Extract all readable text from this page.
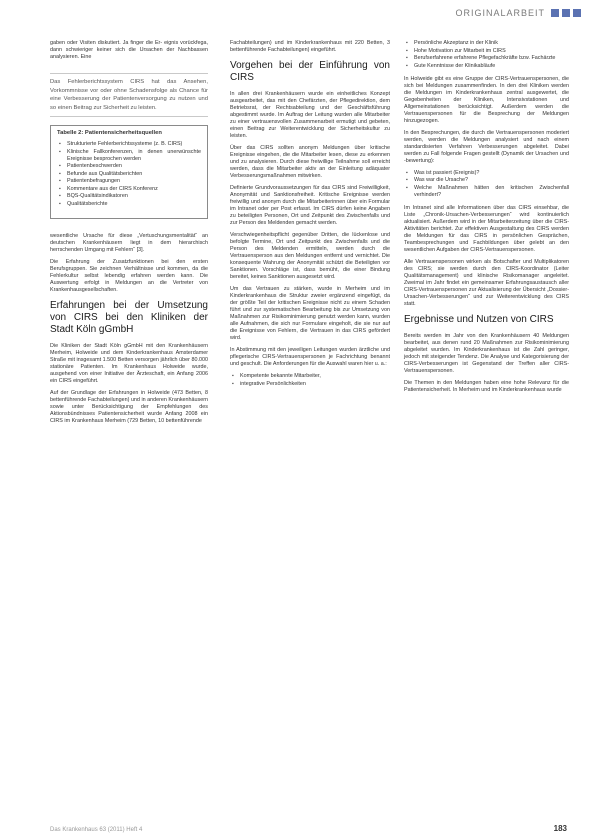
ORIGINALARBEIT

gaben oder Visiten diskutiert. Ja finger die Er- eignis vorückfega, dann schwieriger keiner sich die Ursachen der Nachbassen analysieren. Eine

Das Fehlerberichtssystem CIRS hat das Ansehen, Vorkommnisse vor oder ohne Schadensfolge als Chance für eine Verbesserung der Patientenversorgung zu nutzen und so einen Beitrag zur Sicherheit zu leisten.
Tabelle 2: Patientensicherheitsquellen
▪ Strukturierte Fehlerberichtssysteme (z. B. CIRS)
▪ Klinische Fallkonferenzen, in denen unerwünschte Ereignisse besprochen werden
▪ Patientenbeschwerden
▪ Befunde aus Qualitätsberichten
▪ Patientenbefragungen
▪ Kommentare aus der CIRS Konferenz
▪ BQS-Qualitätsindikatoren
▪ Qualitätsberichte

wesentliche Ursache für diese „Vertuschungsmentalität“ an deutschen Krankenhäusern liegt in dem hierarchisch herrschenden Umgang mit Fehlern“ [3].

Die Erfahrung der Zusatzfunktionen bei den ersten Berufsgruppen. Sie zeichnen Verhältnisse und kommen, da die Fehlerkultur selbst lebendig erfahren werden kann. Die Auswertung erfolgt in Meldungen an die Vertreter von Krankenhausgesellschaften.

Erfahrungen bei der Umsetzung von CIRS bei den Kliniken der Stadt Köln gGmbH

Die Kliniken der Stadt Köln gGmbH mit den Krankenhäusern Merheim, Holweide und dem Kinderkrankenhaus Amsterdamer Straße mit insgesamt 1.500 Betten versorgen jährlich über 80.000 stationäre Patienten. Im Krankenhaus Holweide wurde, ausgehend von einer Initiative der Ärzteschaft, ein Anfang 2006 ein CIRS eingeführt.

Auf der Grundlage der Erfahrungen in Holweide (473 Betten, 8 bettenführende Fachabteilungen) und in anderen Krankenhäusern sowie unter Berücksichtigung der Empfehlungen des Aktionsbündnisses Patientensicherheit wurde Anfang 2008 ein CIRS im Krankenhaus Merheim (729 Betten, 10 bettenführende

Fachabteilungen) und im Kinderkrankenhaus mit 220 Betten, 3 bettenführende Fachabteilungen) eingeführt.

Vorgehen bei der Einführung von CIRS

In allen drei Krankenhäusern wurde ein einheitliches Konzept ausgearbeitet, das mit den Chefärzten, der Pflegedirektion, dem Betriebsrat, der Rechtsabteilung und der Geschäftsführung abgestimmt wurde. Im Auftrag der Leitung wurden alle Mitarbeiter zu einer vertrauensvollen Zusammenarbeit ermutigt und gebeten, einen Beitrag zur Weiterentwicklung der Sicherheitskultur zu leisten.

Über das CIRS sollten anonym Meldungen über kritische Ereignisse eingehen, die die Mitarbeiter lesen, diese zu erkennen und zu analysieren. Durch diese freiwillige Teilnahme soll erreicht werden, dass die Mitarbeiter aktiv an der Einleitung adäquater Verbesserungsmaßnahmen mitwirken.

Definierte Grundvoraussetzungen für das CIRS sind Freiwilligkeit, Anonymität und Sanktionsfreiheit. Kritische Ereignisse werden freiwillig und anonym durch die Mitarbeiterinnen über ein Formular im Intranet oder per Post erfasst. Im CIRS dürfen keine Angaben zu beteiligten Personen, Ort und Zeitpunkt des Zwischenfalls und zur Person des Meldenden gemacht werden.

Verschwiegenheitspflicht gegenüber Dritten, die lückenlose und befolgte Termine, Ort und Zeitpunkt des Zwischenfalls und die Person des Meldenden ermitteln, werden durch die Vertrauensperson aus den Meldungen entfernt und vernichtet. Die konsequente Wahrung der Anonymität schützt die Beteiligten vor Sanktionen. Vorschläge ist, dass bemüht, die einer Bindung bereitet, keines Sanktionen ausgesetzt wird.

Um das Vertrauen zu stärken, wurde in Merheim und im Kinderkrankenhaus die Struktur zweier ergänzend eingefügt, da der größte Teil der kritischen Ereignisse nicht zu einem Schaden führt und zur systematischen Bearbeitung bis zur Umsetzung von Maßnahmen zur Risikominimierung genutzt werden kann, wurden alle Aufnahmen, die sich nur Formulare eingeholt, die sie nur auf die Ereignisse von Fehlern, die Vertrauen in das CIRS gefördert wird.

In Abstimmung mit den jeweiligen Leitungen wurden ärztliche und pflegerische CIRS-Vertrauenspersonen je Fachrichtung benannt und geschult. Die Anforderungen für die Auswahl waren hier u. a.:

▪ Kompetente bekannte Mitarbeiter,
▪ integrative Persönlichkeiten
▪ Persönliche Akzeptanz in der Klinik
▪ Hohe Motivation zur Mitarbeit im CIRS
▪ Berufserfahrene erfahrene Pflegefachkräfte bzw. Fachärzte
▪ Gute Kenntnisse der Klinikabläufe

In Holweide gibt es eine Gruppe der CIRS-Vertrauenspersonen, die sich bei Meldungen zusammenfinden. In den drei Kliniken werden die Meldungen im Kinderkrankenhaus zentral ausgewertet, die Gegebenheiten der Kliniken, Intensivstationen und Allgemeinstationen berücksichtigt. Außerdem werden die Vertrauenspersonen für die Besprechung der Meldungen hinzugezogen.

In den Besprechungen, die durch die Vertrauenspersonen moderiert werden, werden die Meldungen analysiert und nach einem standardisierten Verfahren Verbesserungen abgeleitet. Dabei werden zu Fall folgende Fragen gestellt (Dynamik der Ursachen und -bewertung):

▪ Was ist passiert (Ereignis)?
▪ Was war die Ursache?
▪ Welche Maßnahmen hätten den kritischen Zwischenfall verhindert?

Im Intranet sind alle Informationen über das CIRS einsehbar, die Liste „Chronik-Ursachen-Verbesserungen“ wird kontinuierlich aktualisiert. Außerdem wird in der Mitarbeiterzeitung über die CIRS-Aktivitäten berichtet. Zur effektiven Ausgestaltung des CIRS werden die Meldungen für das CIRS in persönlichen Gesprächen, Teambesprechungen und Fachbildungen über gelebt an den wesentlichen Aufgaben der CIRS-Vertrauenspersonen.

Alle Vertrauenspersonen wirken als Botschafter und Multiplikatoren des CIRS; sie werden durch den CIRS-Koordinator (Leiter Qualitätsmanagement) und klinische Risikomanager angeleitet. Zweimal im Jahr findet ein gemeinsamer Erfahrungsaustausch aller CIRS-Vertrauenspersonen zur Aktualisierung der Übersicht „Dossier-Ursachen-Verbesserungen“ und zur Weiterentwicklung des CIRS statt.

Ergebnisse und Nutzen von CIRS

Bereits werden im Jahr von den Krankenhäusern 40 Meldungen bearbeitet, aus denen rund 20 Maßnahmen zur Risikominimierung abgeleitet wurden. Im Kinderkrankenhaus ist die Zahl geringer, jedoch mit steigender Tendenz. Die Analyse und Kategorisierung der CIRS-Verbesserungen ist Gegenstand der Treffen aller CIRS-Vertrauenspersonen.

Die Themen in den Meldungen haben eine hohe Relevanz für die Patientensicherheit. In Merheim und im Kinderkrankenhaus wurde

Das Krankenhaus 63 (2011) Heft 4	183
